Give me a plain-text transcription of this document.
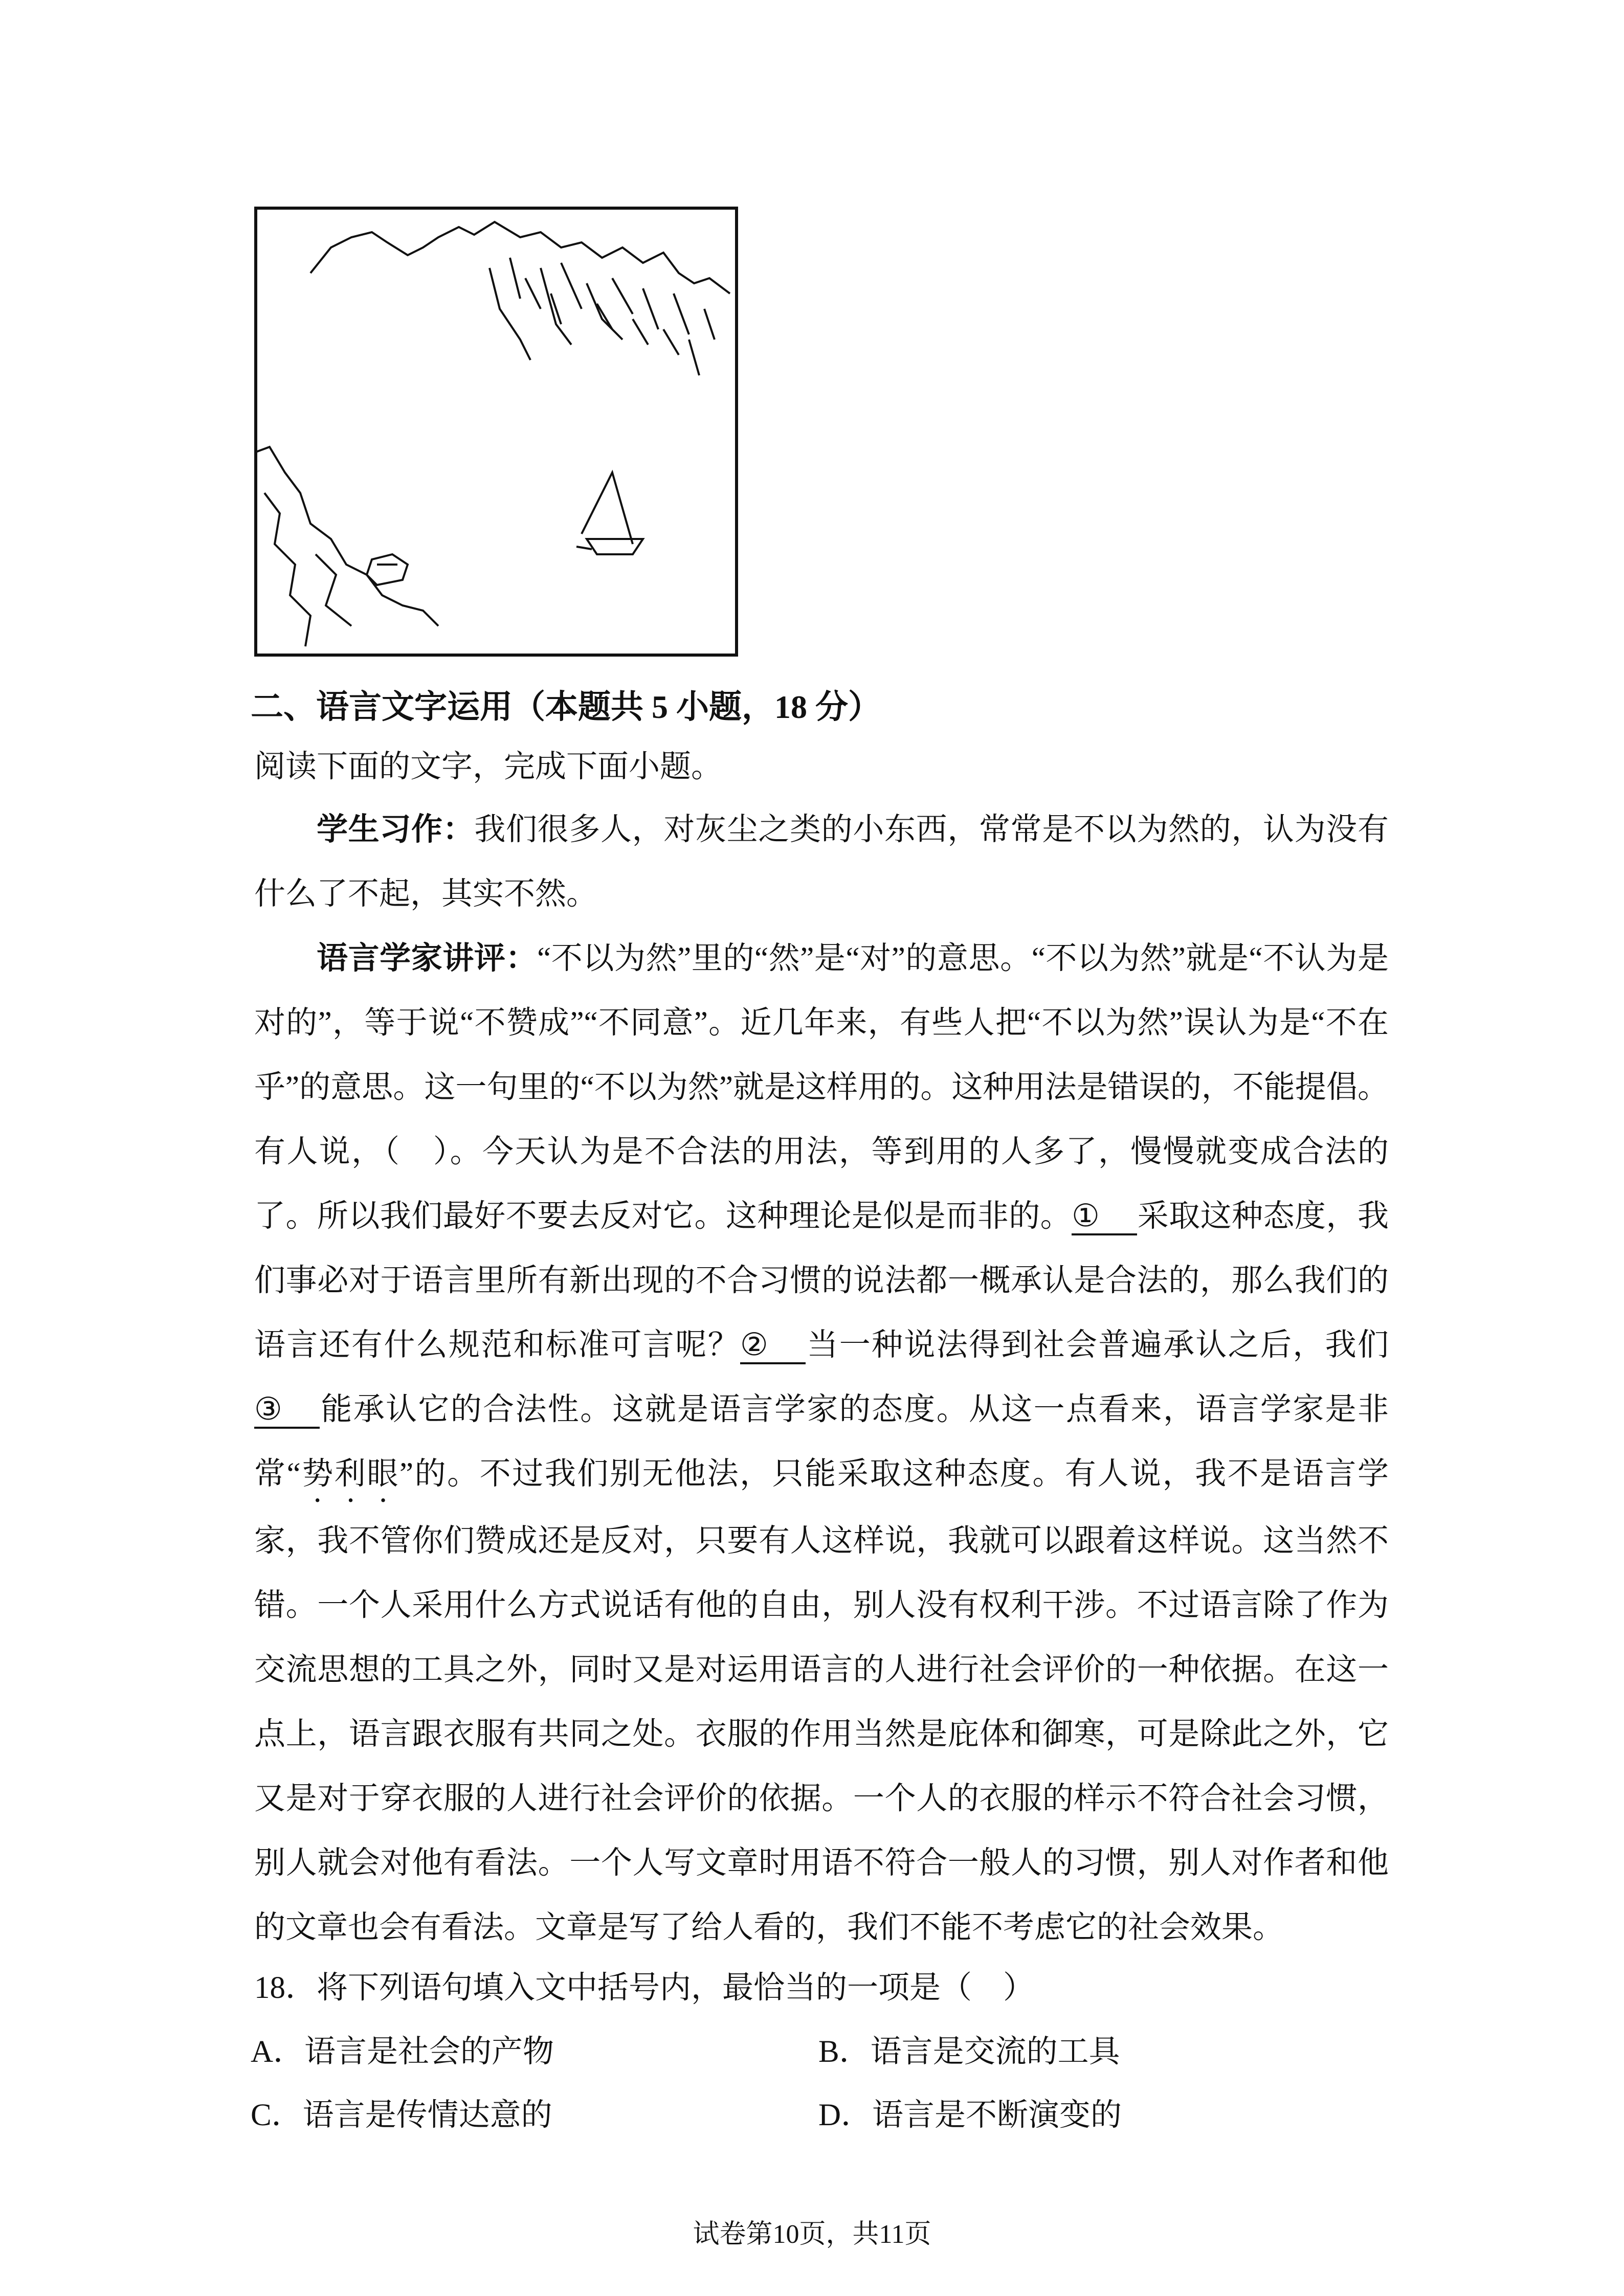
二、语言文字运用（本题共 5 小题，18 分）
阅读下面的文字，完成下面小题。
学生习作：我们很多人，对灰尘之类的小东西，常常是不以为然的，认为没有什么了不起，其实不然。
语言学家讲评：“不以为然”里的“然”是“对”的意思。“不以为然”就是“不认为是对的”，等于说“不赞成”“不同意”。近几年来，有些人把“不以为然”误认为是“不在乎”的意思。这一句里的“不以为然”就是这样用的。这种用法是错误的，不能提倡。有人说，（　）。今天认为是不合法的用法，等到用的人多了，慢慢就变成合法的了。所以我们最好不要去反对它。这种理论是似是而非的。① 采取这种态度，我们事必对于语言里所有新出现的不合习惯的说法都一概承认是合法的，那么我们的语言还有什么规范和标准可言呢？② 当一种说法得到社会普遍承认之后，我们③ 能承认它的合法性。这就是语言学家的态度。从这一点看来，语言学家是非常“势利眼”的。不过我们别无他法，只能采取这种态度。有人说，我不是语言学家，我不管你们赞成还是反对，只要有人这样说，我就可以跟着这样说。这当然不错。一个人采用什么方式说话有他的自由，别人没有权利干涉。不过语言除了作为交流思想的工具之外，同时又是对运用语言的人进行社会评价的一种依据。在这一点上，语言跟衣服有共同之处。衣服的作用当然是庇体和御寒，可是除此之外，它又是对于穿衣服的人进行社会评价的依据。一个人的衣服的样示不符合社会习惯，别人就会对他有看法。一个人写文章时用语不符合一般人的习惯，别人对作者和他的文章也会有看法。文章是写了给人看的，我们不能不考虑它的社会效果。
18．将下列语句填入文中括号内，最恰当的一项是（　）
A．语言是社会的产物	B．语言是交流的工具
C．语言是传情达意的	D．语言是不断演变的
试卷第10页，共11页
